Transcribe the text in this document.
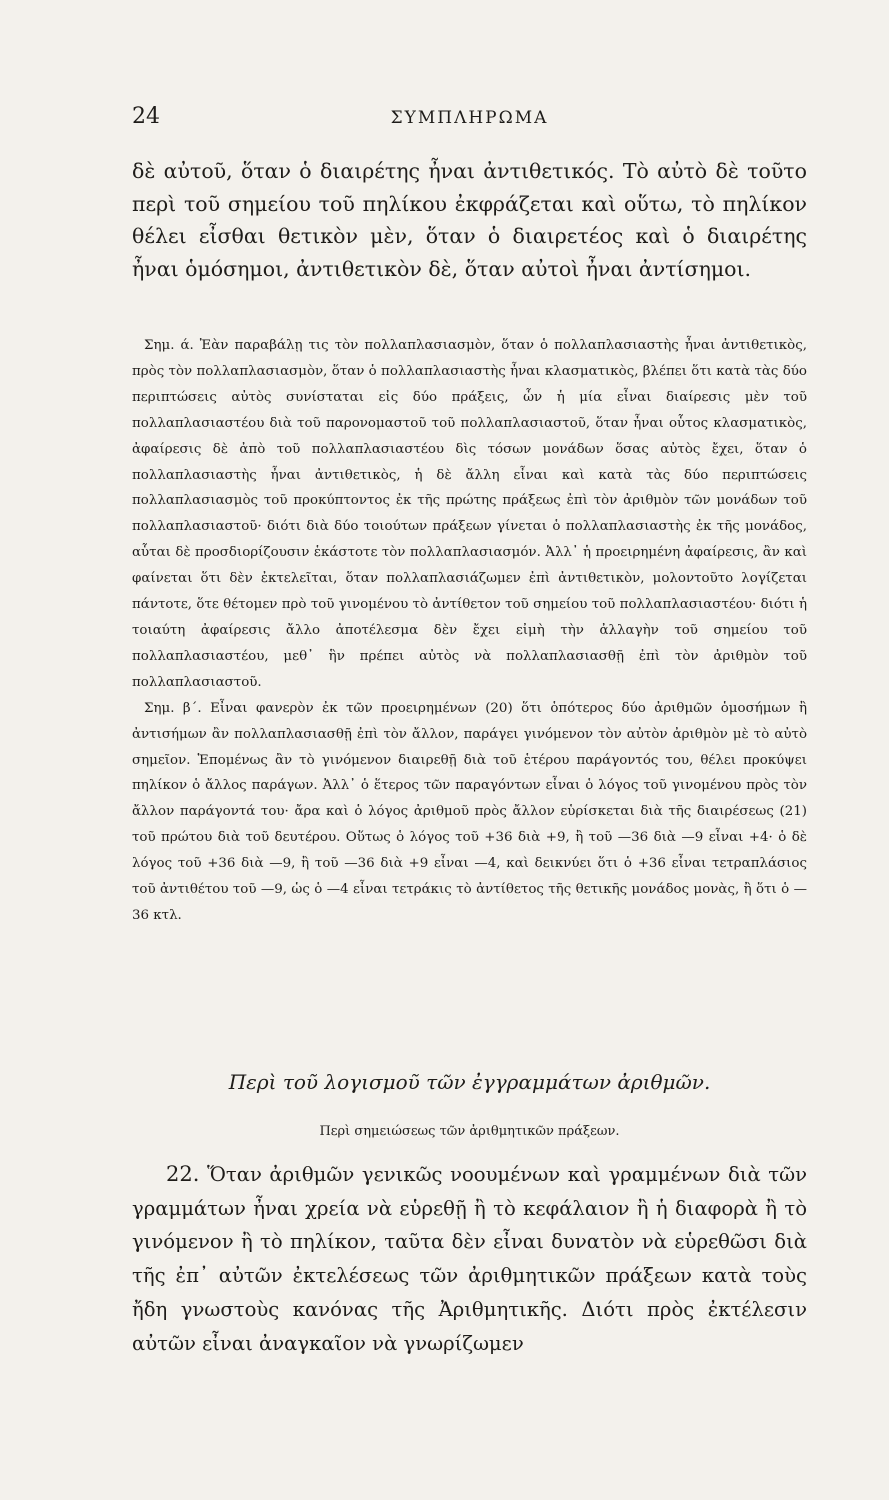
24	ΣΥΜΠΛΗΡΩΜΑ
δὲ αὐτοῦ, ὅταν ὁ διαιρέτης ἦναι ἀντιθετικός. Τὸ αὐτὸ δὲ τοῦτο περὶ τοῦ σημείου τοῦ πηλίκου ἐκφράζεται καὶ οὕτω, τὸ πηλίκον θέλει εἶσθαι θετικὸν μὲν, ὅταν ὁ διαιρετέος καὶ ὁ διαιρέτης ἦναι ὁμόσημοι, ἀντιθετικὸν δὲ, ὅταν αὐτοὶ ἦναι ἀντίσημοι.

Σημ. ά. Ἐὰν παραβάλῃ τις τὸν πολλαπλασιασμὸν, ὅταν ὁ πολλαπλασιαστὴς ἦναι ἀντιθετικὸς, πρὸς τὸν πολλαπλασιασμὸν, ὅταν ὁ πολλαπλασιαστὴς ἦναι κλασματικὸς, βλέπει ὅτι κατὰ τὰς δύο περιπτώσεις αὐτὸς συνίσταται εἰς δύο πράξεις, ὧν ἡ μία εἶναι διαίρεσις μὲν τοῦ πολλαπλασιαστέου διὰ τοῦ παρονομαστοῦ τοῦ πολλαπλασιαστοῦ, ὅταν ἦναι οὗτος κλασματικὸς, ἀφαίρεσις δὲ ἀπὸ τοῦ πολλαπλασιαστέου δὶς τόσων μονάδων ὅσας αὐτὸς ἔχει, ὅταν ὁ πολλαπλασιαστὴς ἦναι ἀντιθετικὸς, ἡ δὲ ἄλλη εἶναι καὶ κατὰ τὰς δύο περιπτώσεις πολλαπλασιασμὸς τοῦ προκύπτοντος ἐκ τῆς πρώτης πράξεως ἐπὶ τὸν ἀριθμὸν τῶν μονάδων τοῦ πολλαπλασιαστοῦ· διότι διὰ δύο τοιούτων πράξεων γίνεται ὁ πολλαπλασιαστὴς ἐκ τῆς μονάδος, αὗται δὲ προσδιορίζουσιν ἑκάστοτε τὸν πολλαπλασιασμόν. Ἀλλ᾽ ἡ προειρημένη ἀφαίρεσις, ἂν καὶ φαίνεται ὅτι δὲν ἐκτελεῖται, ὅταν πολλαπλασιάζωμεν ἐπὶ ἀντιθετικὸν, μολοντοῦτο λογίζεται πάντοτε, ὅτε θέτομεν πρὸ τοῦ γινομένου τὸ ἀντίθετον τοῦ σημείου τοῦ πολλαπλασιαστέου· διότι ἡ τοιαύτη ἀφαίρεσις ἄλλο ἀποτέλεσμα δὲν ἔχει εἰμὴ τὴν ἀλλαγὴν τοῦ σημείου τοῦ πολλαπλασιαστέου, μεθ᾽ ἣν πρέπει αὐτὸς νὰ πολλαπλασιασθῇ ἐπὶ τὸν ἀριθμὸν τοῦ πολλαπλασιαστοῦ.

Σημ. β΄. Εἶναι φανερὸν ἐκ τῶν προειρημένων (20) ὅτι ὁπότερος δύο ἀριθμῶν ὁμοσήμων ἢ ἀντισήμων ἂν πολλαπλασιασθῇ ἐπὶ τὸν ἄλλον, παράγει γινόμενον τὸν αὐτὸν ἀριθμὸν μὲ τὸ αὐτὸ σημεῖον. Ἑπομένως ἂν τὸ γινόμενον διαιρεθῇ διὰ τοῦ ἑτέρου παράγοντός του, θέλει προκύψει πηλίκον ὁ ἄλλος παράγων. Ἀλλ᾽ ὁ ἕτερος τῶν παραγόντων εἶναι ὁ λόγος τοῦ γινομένου πρὸς τὸν ἄλλον παράγοντά του· ἄρα καὶ ὁ λόγος ἀριθμοῦ πρὸς ἄλλον εὑρίσκεται διὰ τῆς διαιρέσεως (21) τοῦ πρώτου διὰ τοῦ δευτέρου. Οὕτως ὁ λόγος τοῦ +36 διὰ +9, ἢ τοῦ —36 διὰ —9 εἶναι +4· ὁ δὲ λόγος τοῦ +36 διὰ —9, ἢ τοῦ —36 διὰ +9 εἶναι —4, καὶ δεικνύει ὅτι ὁ +36 εἶναι τετραπλάσιος τοῦ ἀντιθέτου τοῦ —9, ὡς ὁ —4 εἶναι τετράκις τὸ ἀντίθετος τῆς θετικῆς μονάδος μονὰς, ἢ ὅτι ὁ —36 κτλ.

Περὶ τοῦ λογισμοῦ τῶν ἐγγραμμάτων ἀριθμῶν.
Περὶ σημειώσεως τῶν ἀριθμητικῶν πράξεων.
22. Ὅταν ἀριθμῶν γενικῶς νοουμένων καὶ γραμμένων διὰ τῶν γραμμάτων ἦναι χρεία νὰ εὑρεθῇ ἢ τὸ κεφάλαιον ἢ ἡ διαφορὰ ἢ τὸ γινόμενον ἢ τὸ πηλίκον, ταῦτα δὲν εἶναι δυνατὸν νὰ εὑρεθῶσι διὰ τῆς ἐπ᾽ αὐτῶν ἐκτελέσεως τῶν ἀριθμητικῶν πράξεων κατὰ τοὺς ἤδη γνωστοὺς κανόνας τῆς Ἀριθμητικῆς. Διότι πρὸς ἐκτέλεσιν αὐτῶν εἶναι ἀναγκαῖον νὰ γνωρίζωμεν
